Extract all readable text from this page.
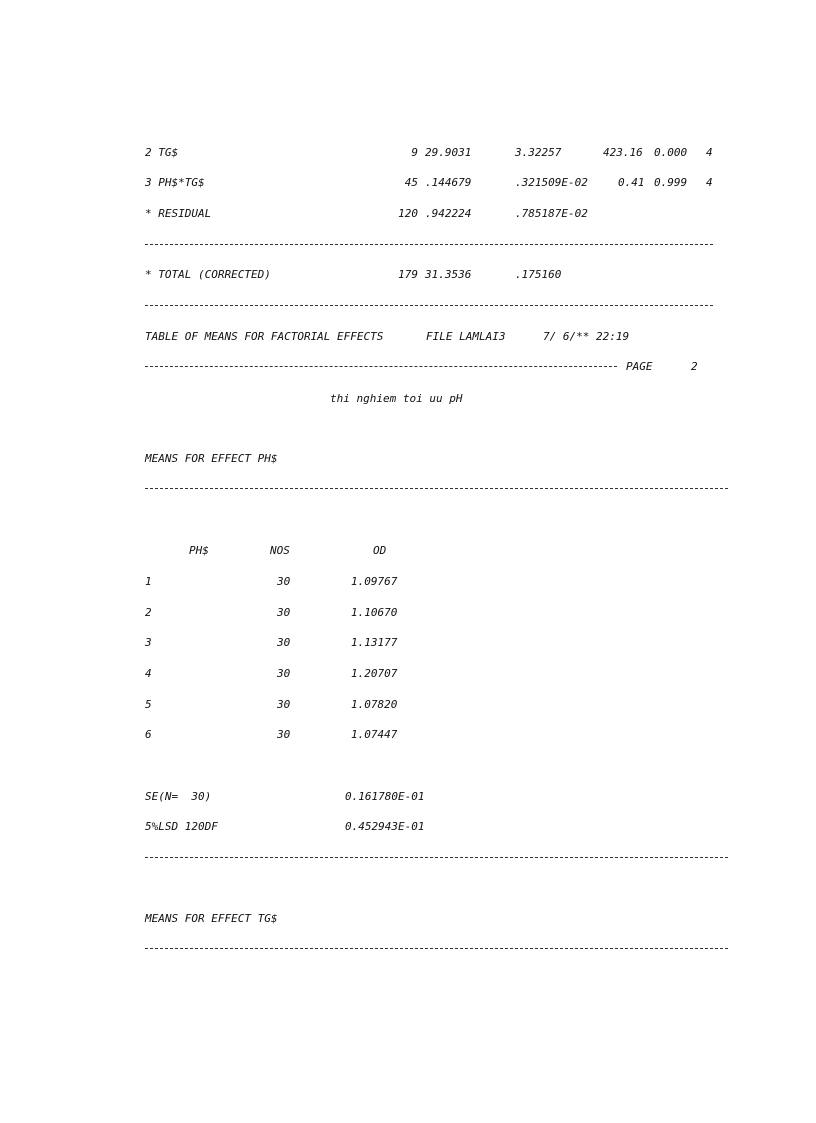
2 TG$	9 29.9031	3.32257	423.16 0.000 4
3 PH$*TG$	45 .144679	.321509E-02	0.41 0.999 4
* RESIDUAL	120 .942224	.785187E-02
* TOTAL (CORRECTED)	179 31.3536	.175160
TABLE OF MEANS FOR FACTORIAL EFFECTS	FILE LAMLAI3	7/ 6/** 22:19
PAGE	2
thi nghiem toi uu pH
MEANS FOR EFFECT PH$
PH$	NOS	OD
1	30	1.09767
2	30	1.10670
3	30	1.13177
4	30	1.20707
5	30	1.07820
6	30	1.07447
SE(N=  30)	0.161780E-01
5%LSD 120DF	0.452943E-01
MEANS FOR EFFECT TG$
